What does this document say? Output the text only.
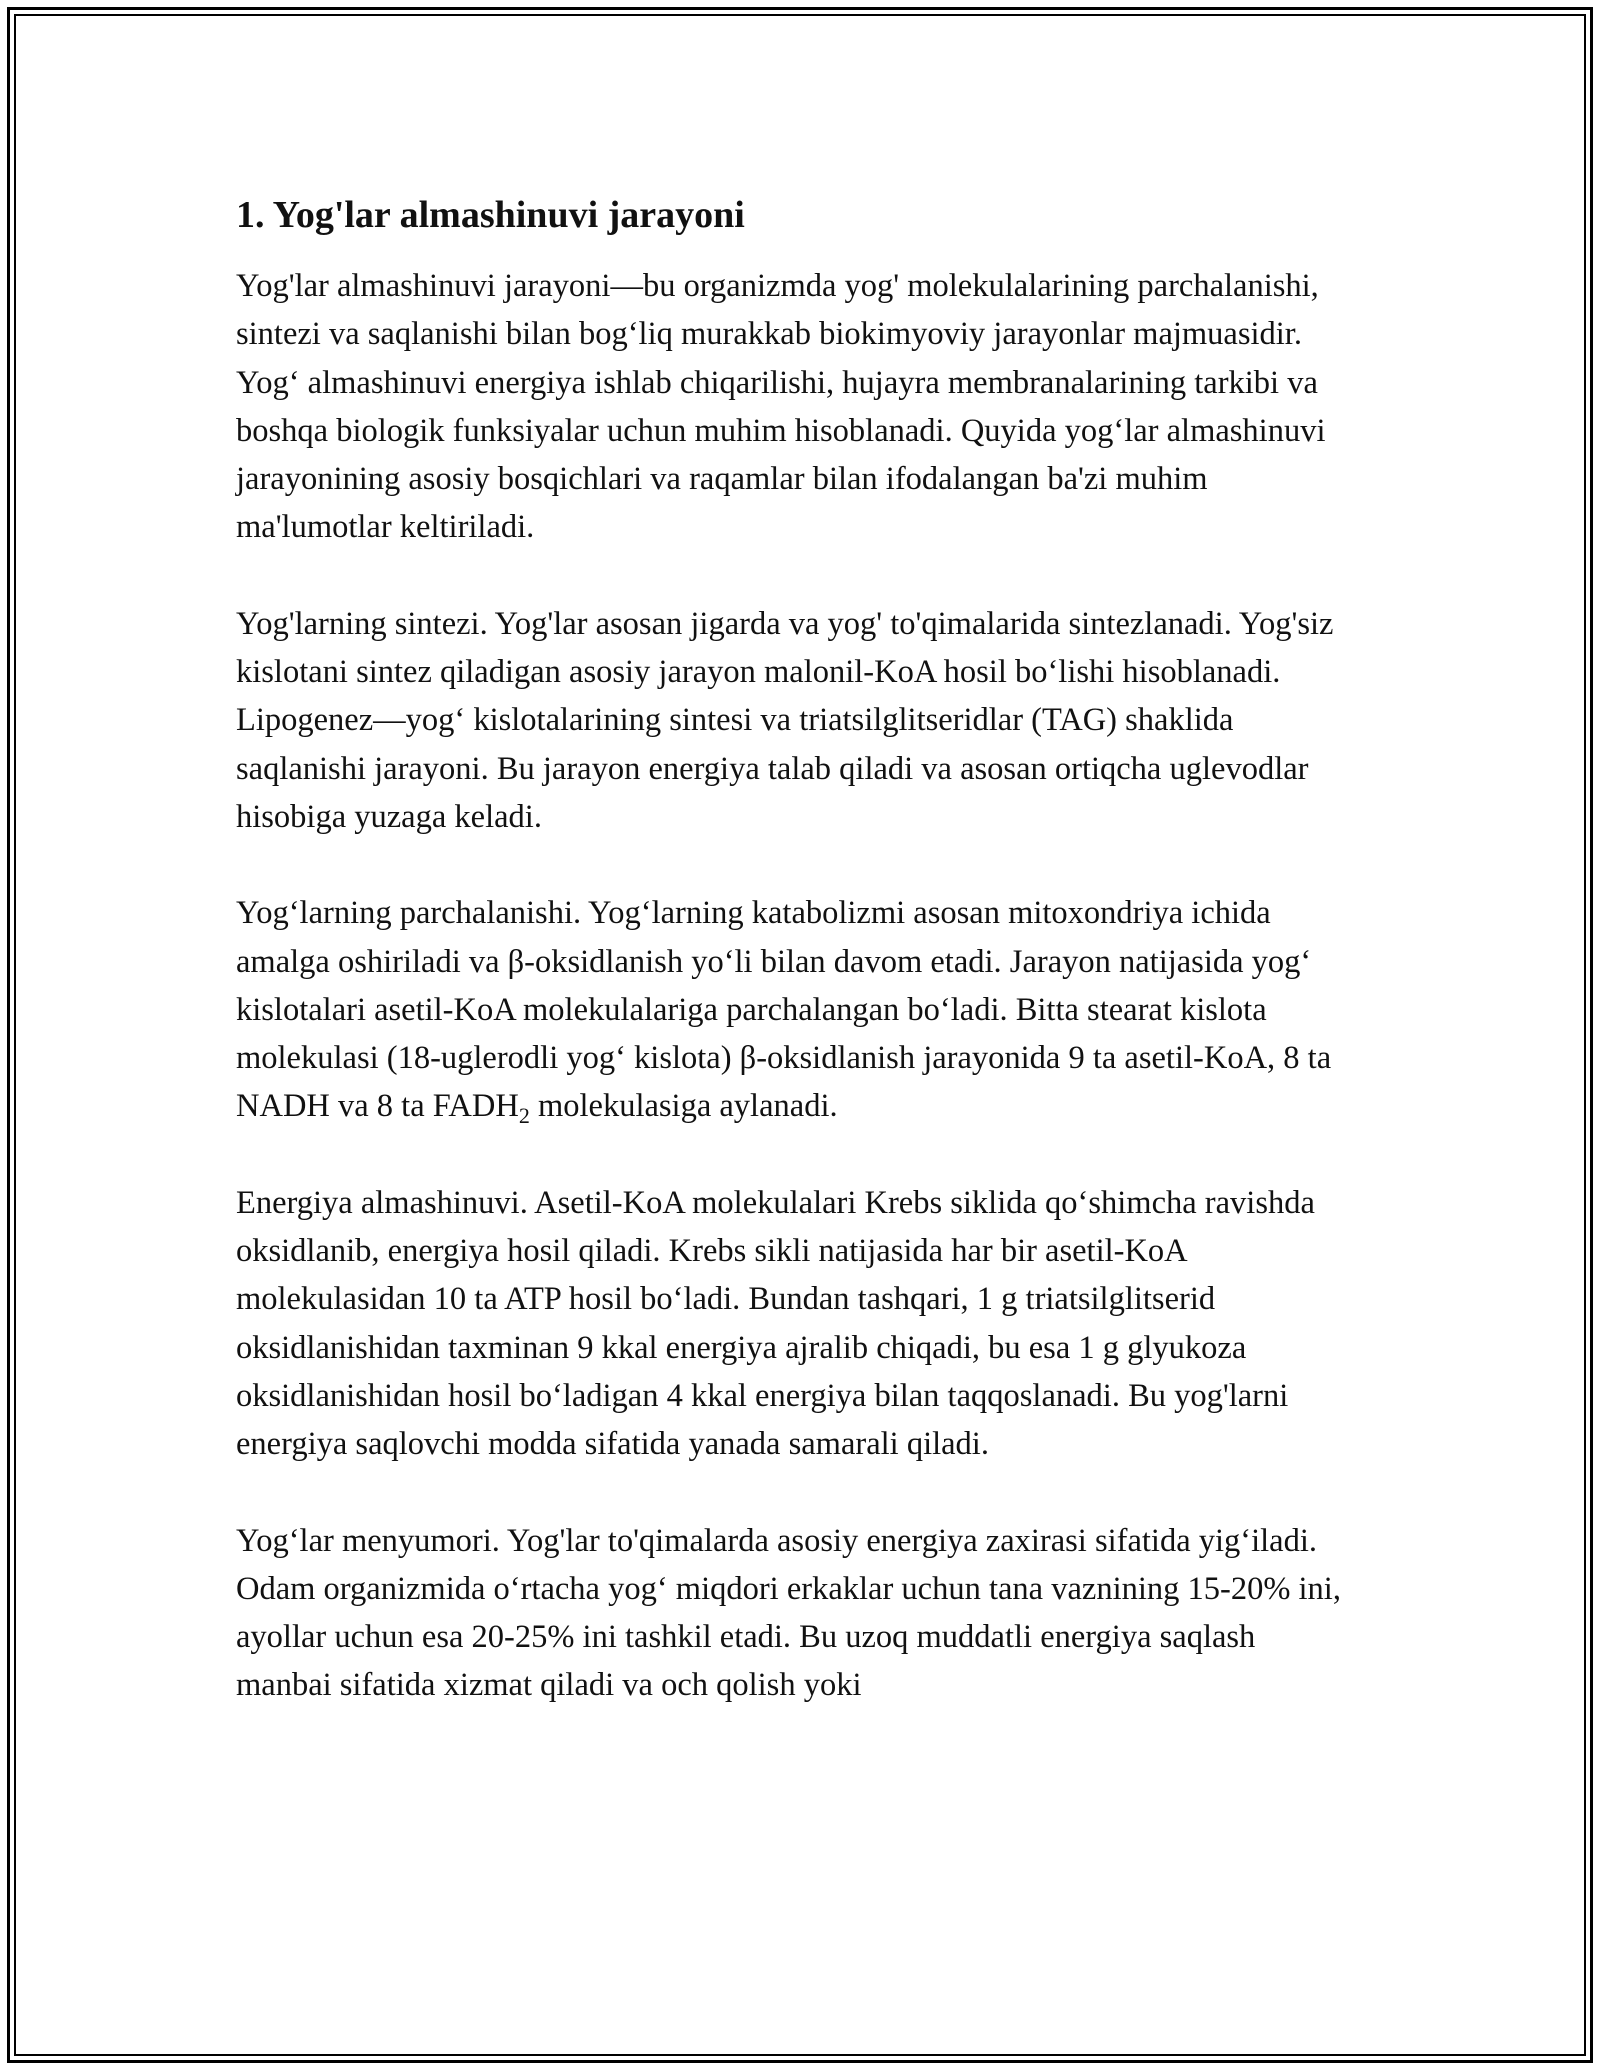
1. Yog'lar almashinuvi jarayoni

Yog'lar almashinuvi jarayoni—bu organizmda yog' molekulalarining parchalanishi, sintezi va saqlanishi bilan bog‘liq murakkab biokimyoviy jarayonlar majmuasidir. Yog‘ almashinuvi energiya ishlab chiqarilishi, hujayra membranalarining tarkibi va boshqa biologik funksiyalar uchun muhim hisoblanadi. Quyida yog‘lar almashinuvi jarayonining asosiy bosqichlari va raqamlar bilan ifodalangan ba'zi muhim ma'lumotlar keltiriladi.

Yog'larning sintezi. Yog'lar asosan jigarda va yog' to'qimalarida sintezlanadi. Yog'siz kislotani sintez qiladigan asosiy jarayon malonil-KoA hosil bo‘lishi hisoblanadi. Lipogenez—yog‘ kislotalarining sintesi va triatsilglitseridlar (TAG) shaklida saqlanishi jarayoni. Bu jarayon energiya talab qiladi va asosan ortiqcha uglevodlar hisobiga yuzaga keladi.

Yog‘larning parchalanishi. Yog‘larning katabolizmi asosan mitoxondriya ichida amalga oshiriladi va β-oksidlanish yo‘li bilan davom etadi. Jarayon natijasida yog‘ kislotalari asetil-KoA molekulalariga parchalangan bo‘ladi. Bitta stearat kislota molekulasi (18-uglerodli yog‘ kislota) β-oksidlanish jarayonida 9 ta asetil-KoA, 8 ta NADH va 8 ta $FADH_2$ molekulasiga aylanadi.

Energiya almashinuvi. Asetil-KoA molekulalari Krebs siklida qo‘shimcha ravishda oksidlanib, energiya hosil qiladi. Krebs sikli natijasida har bir asetil-KoA molekulasidan 10 ta ATP hosil bo‘ladi. Bundan tashqari, 1 g triatsilglitserid oksidlanishidan taxminan 9 kkal energiya ajralib chiqadi, bu esa 1 g glyukoza oksidlanishidan hosil bo‘ladigan 4 kkal energiya bilan taqqoslanadi. Bu yog'larni energiya saqlovchi modda sifatida yanada samarali qiladi.

Yog‘lar menyumori. Yog'lar to'qimalarda asosiy energiya zaxirasi sifatida yig‘iladi. Odam organizmida o‘rtacha yog‘ miqdori erkaklar uchun tana vaznining 15-20% ini, ayollar uchun esa 20-25% ini tashkil etadi. Bu uzoq muddatli energiya saqlash manbai sifatida xizmat qiladi va och qolish yoki
